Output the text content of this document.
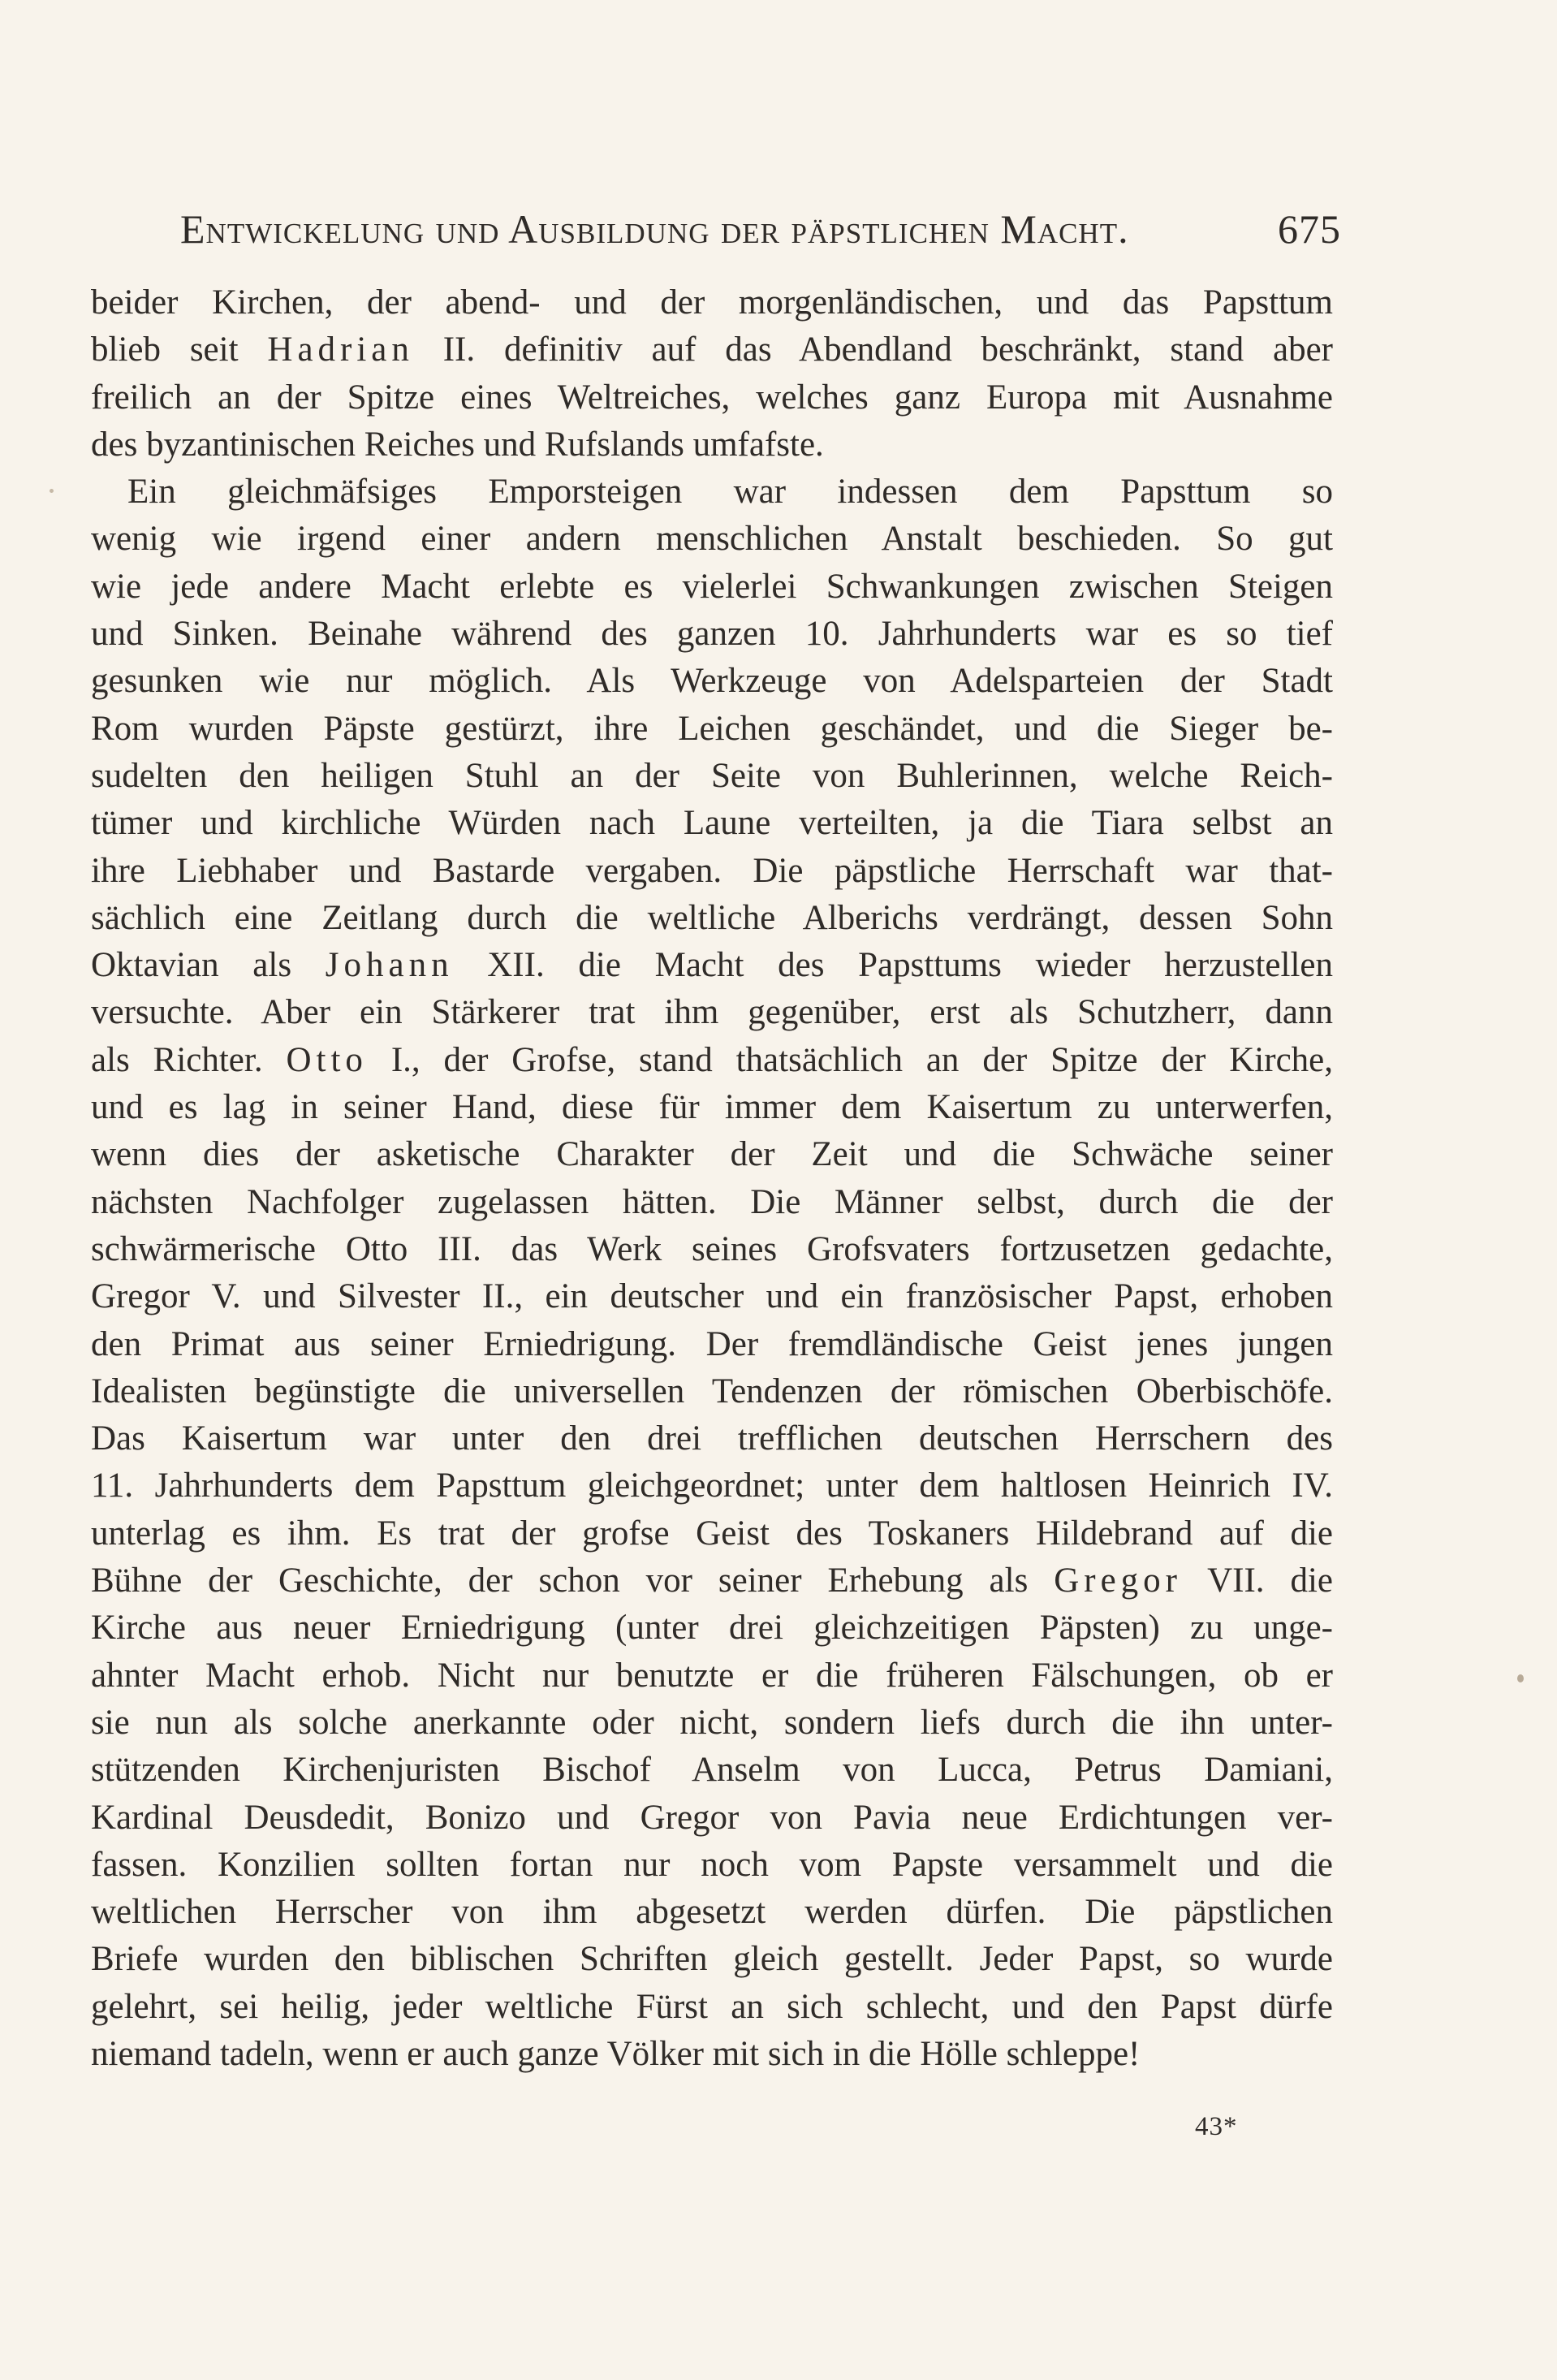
Entwickelung und Ausbildung der päpstlichen Macht.	675
beider Kirchen, der abend- und der morgenländischen, und das Papsttum
blieb seit Hadrian II. definitiv auf das Abendland beschränkt, stand aber
freilich an der Spitze eines Weltreiches, welches ganz Europa mit Ausnahme
des byzantinischen Reiches und Rufslands umfafste.
Ein gleichmäfsiges Emporsteigen war indessen dem Papsttum so
wenig wie irgend einer andern menschlichen Anstalt beschieden. So gut
wie jede andere Macht erlebte es vielerlei Schwankungen zwischen Steigen
und Sinken. Beinahe während des ganzen 10. Jahrhunderts war es so tief
gesunken wie nur möglich. Als Werkzeuge von Adelsparteien der Stadt
Rom wurden Päpste gestürzt, ihre Leichen geschändet, und die Sieger be-
sudelten den heiligen Stuhl an der Seite von Buhlerinnen, welche Reich-
tümer und kirchliche Würden nach Laune verteilten, ja die Tiara selbst an
ihre Liebhaber und Bastarde vergaben. Die päpstliche Herrschaft war that-
sächlich eine Zeitlang durch die weltliche Alberichs verdrängt, dessen Sohn
Oktavian als Johann XII. die Macht des Papsttums wieder herzustellen
versuchte. Aber ein Stärkerer trat ihm gegenüber, erst als Schutzherr, dann
als Richter. Otto I., der Grofse, stand thatsächlich an der Spitze der Kirche,
und es lag in seiner Hand, diese für immer dem Kaisertum zu unterwerfen,
wenn dies der asketische Charakter der Zeit und die Schwäche seiner
nächsten Nachfolger zugelassen hätten. Die Männer selbst, durch die der
schwärmerische Otto III. das Werk seines Grofsvaters fortzusetzen gedachte,
Gregor V. und Silvester II., ein deutscher und ein französischer Papst, erhoben
den Primat aus seiner Erniedrigung. Der fremdländische Geist jenes jungen
Idealisten begünstigte die universellen Tendenzen der römischen Oberbischöfe.
Das Kaisertum war unter den drei trefflichen deutschen Herrschern des
11. Jahrhunderts dem Papsttum gleichgeordnet; unter dem haltlosen Heinrich IV.
unterlag es ihm. Es trat der grofse Geist des Toskaners Hildebrand auf die
Bühne der Geschichte, der schon vor seiner Erhebung als Gregor VII. die
Kirche aus neuer Erniedrigung (unter drei gleichzeitigen Päpsten) zu unge-
ahnter Macht erhob. Nicht nur benutzte er die früheren Fälschungen, ob er
sie nun als solche anerkannte oder nicht, sondern liefs durch die ihn unter-
stützenden Kirchenjuristen Bischof Anselm von Lucca, Petrus Damiani,
Kardinal Deusdedit, Bonizo und Gregor von Pavia neue Erdichtungen ver-
fassen. Konzilien sollten fortan nur noch vom Papste versammelt und die
weltlichen Herrscher von ihm abgesetzt werden dürfen. Die päpstlichen
Briefe wurden den biblischen Schriften gleich gestellt. Jeder Papst, so wurde
gelehrt, sei heilig, jeder weltliche Fürst an sich schlecht, und den Papst dürfe
niemand tadeln, wenn er auch ganze Völker mit sich in die Hölle schleppe!
43*
